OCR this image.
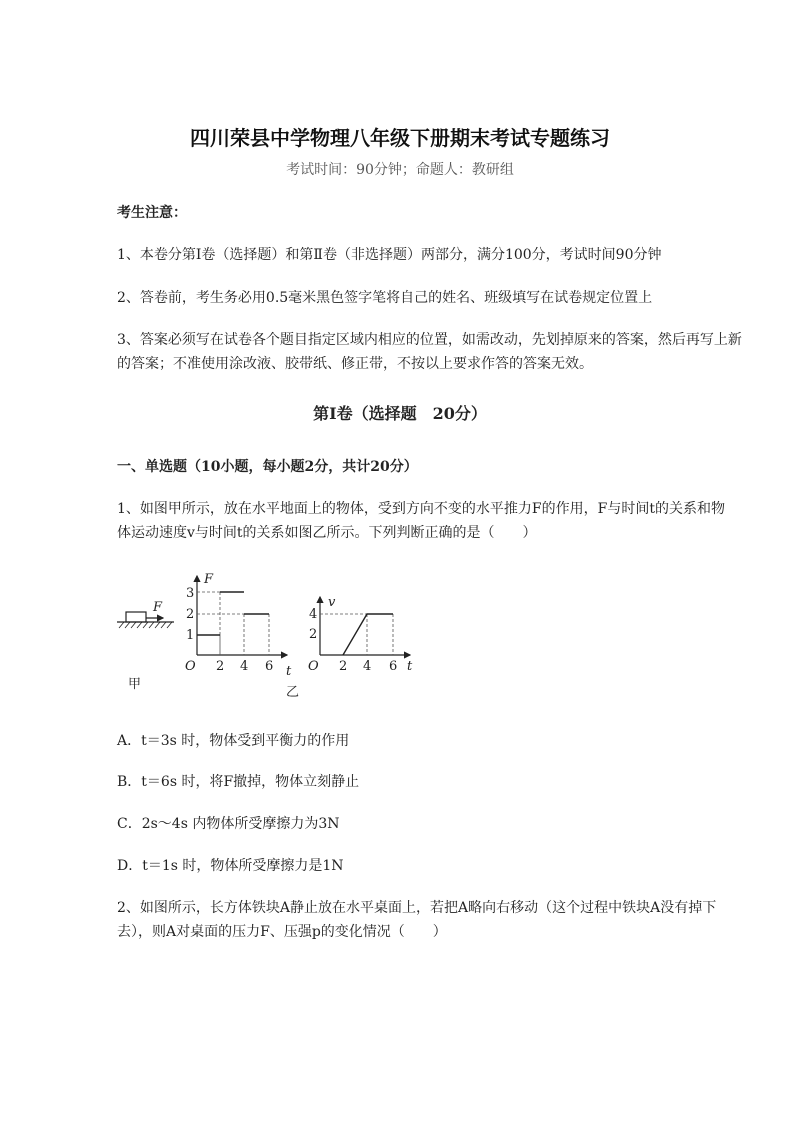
四川荣县中学物理八年级下册期末考试专题练习
考试时间：90分钟；命题人：教研组
考生注意：
1、本卷分第Ⅰ卷（选择题）和第Ⅱ卷（非选择题）两部分，满分100分，考试时间90分钟
2、答卷前，考生务必用0.5毫米黑色签字笔将自己的姓名、班级填写在试卷规定位置上
3、答案必须写在试卷各个题目指定区域内相应的位置，如需改动，先划掉原来的答案，然后再写上新
的答案；不准使用涂改液、胶带纸、修正带，不按以上要求作答的答案无效。
第Ⅰ卷（选择题　20分）
一、单选题（10小题，每小题2分，共计20分）
1、如图甲所示，放在水平地面上的物体，受到方向不变的水平推力F的作用，F与时间t的关系和物
体运动速度v与时间t的关系如图乙所示。下列判断正确的是（　　）
F
甲
1
2
3
F
O 2 4 6 t
乙
4
2
v
O 2 4 6 t
A．t＝3s 时，物体受到平衡力的作用
B．t＝6s 时，将F撤掉，物体立刻静止
C．2s～4s 内物体所受摩擦力为3N
D．t＝1s 时，物体所受摩擦力是1N
2、如图所示，长方体铁块A静止放在水平桌面上，若把A略向右移动（这个过程中铁块A没有掉下
去），则A对桌面的压力F、压强p的变化情况（　　）
